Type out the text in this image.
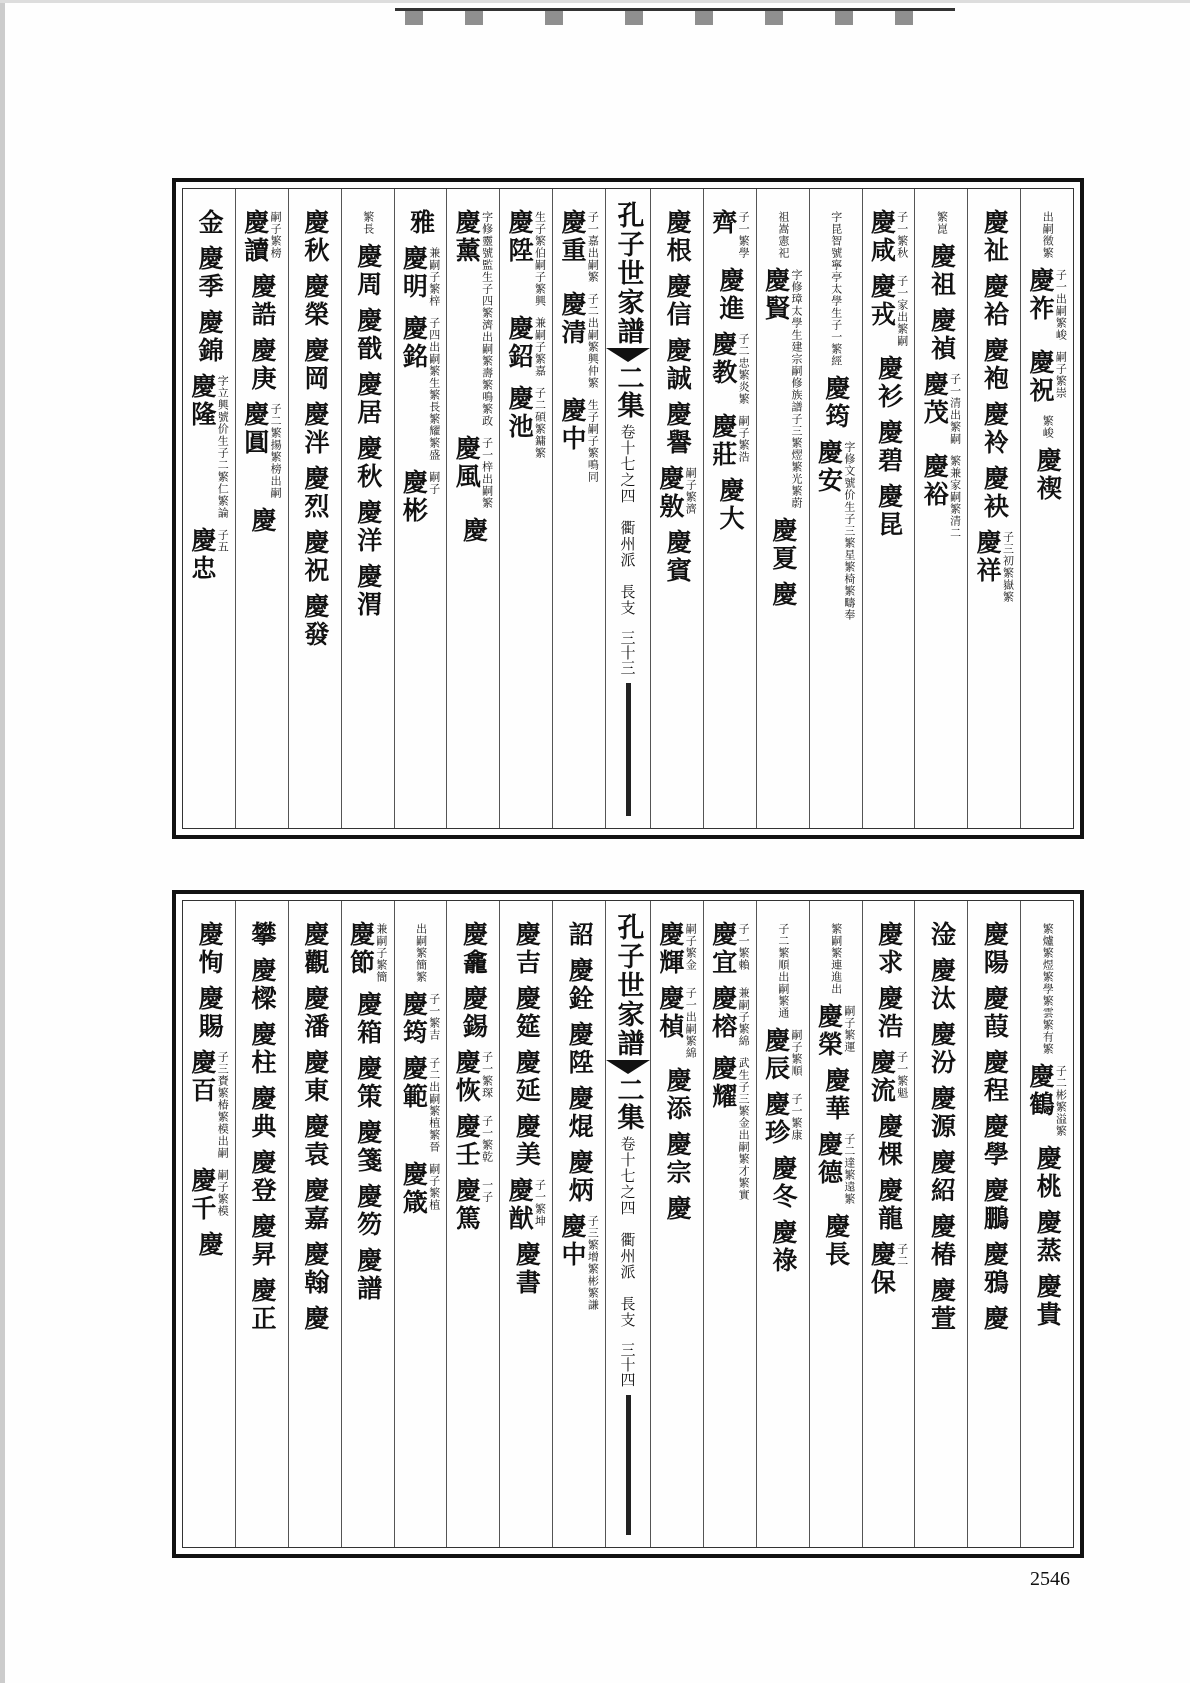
出嗣徵繁
慶祚 子一出嗣繁峻
慶祝 嗣子繁崇
繁峻
慶禊
慶祉
慶袷
慶袍
慶袊
慶袂
慶祥 子三初繁嶽繁
繁崑
慶祖
慶禎
慶茂 子一清出繁嗣
慶裕 繁兼家嗣繁清二
慶咸 子一繁秋
慶戎 子一家出繁嗣
慶衫
慶碧
慶昆
字昆智號寧亭太學生子一繁經
慶筠
慶安 字修文號价生子三繁星繁椅繁疇奉
祖嵩憲祀
慶賢 字修璋太學生建宗嗣修族譜子三繁熤繁光繁蔚
慶夏
慶
齊 子一繁學
慶進
慶教 子二忠繁炎繁
慶莊 嗣子繁浩
慶大
慶根
慶信
慶誠
慶譽
慶敫 嗣子繁濟
慶賓
孔子世家譜
二集
卷十七之四　衢州派　長支
三十三
慶重 子一嘉出嗣繁
慶清 子二出嗣繁興仲繁
慶中 生子嗣子繁鳴同
慶陞 生子繁伯嗣子繁興
慶鉊 兼嗣子繁嘉
慶池 子二碩繁鏞繁
慶薰 字修靈號監生子四繁濟出嗣繁壽繁鳴繁政
慶風 子一梓出嗣繁
慶
雅
慶明 兼嗣子繁梓
慶銘 子四出嗣繁生繁長繁耀繁盛
慶彬 嗣子
繁長
慶周
慶戩
慶居
慶秋
慶洋
慶渭
慶秋
慶榮
慶岡
慶泮
慶烈
慶祝
慶發
慶讀 嗣子繁榜
慶誥
慶庚
慶圓 子二繁揚繁榜出嗣
慶
金
慶季
慶錦
慶隆 字立興號价生子二繁仁繁論
慶忠 子五
繁爐繁煜繁學繁雲繁有繁
慶鶴 子二彬繁溢繁
慶桃
慶蒸
慶貴
慶陽
慶葭
慶程
慶學
慶鵬
慶鴉
慶
淦
慶汰
慶汾
慶源
慶紹
慶椿
慶萱
慶求
慶浩
慶流 子一繁魁
慶棵
慶龍
慶保 子二
繁嗣繁連進出
慶榮 嗣子繁運
慶華
慶德 子二達繁遠繁
慶長
子二繁順出嗣繁通
慶辰 嗣子繁順
慶珍 子一繁康
慶冬
慶祿
慶宜 子一繁賴
慶榕 兼嗣子繁綿
慶耀 武生子三繁金出嗣繁才繁實
慶輝 嗣子繁金
慶楨 子一出嗣繁綿
慶添
慶宗
慶
孔子世家譜
二集
卷十七之四　衢州派　長支
三十四
詔
慶銓
慶陞
慶焜
慶炳
慶中 子三繁增繁彬繁謙
慶吉
慶筵
慶延
慶美
慶猷 子一繁坤
慶書
慶龕
慶錫
慶恢 子一繁琛
慶壬 子一繁乾
慶篤 一子
出嗣繁簡繁
慶筠 子一繁吉
慶範 子二出嗣繁植繁晉
慶箴 嗣子繁植
慶節 兼嗣子繁簡
慶箱
慶策
慶箋
慶笏
慶譜
慶觀
慶潘
慶東
慶袁
慶嘉
慶翰
慶
攀
慶樑
慶柱
慶典
慶登
慶昇
慶正
慶恂
慶賜
慶百 子三賚繁椿繁模出嗣
慶千 嗣子繁模
慶
2546
